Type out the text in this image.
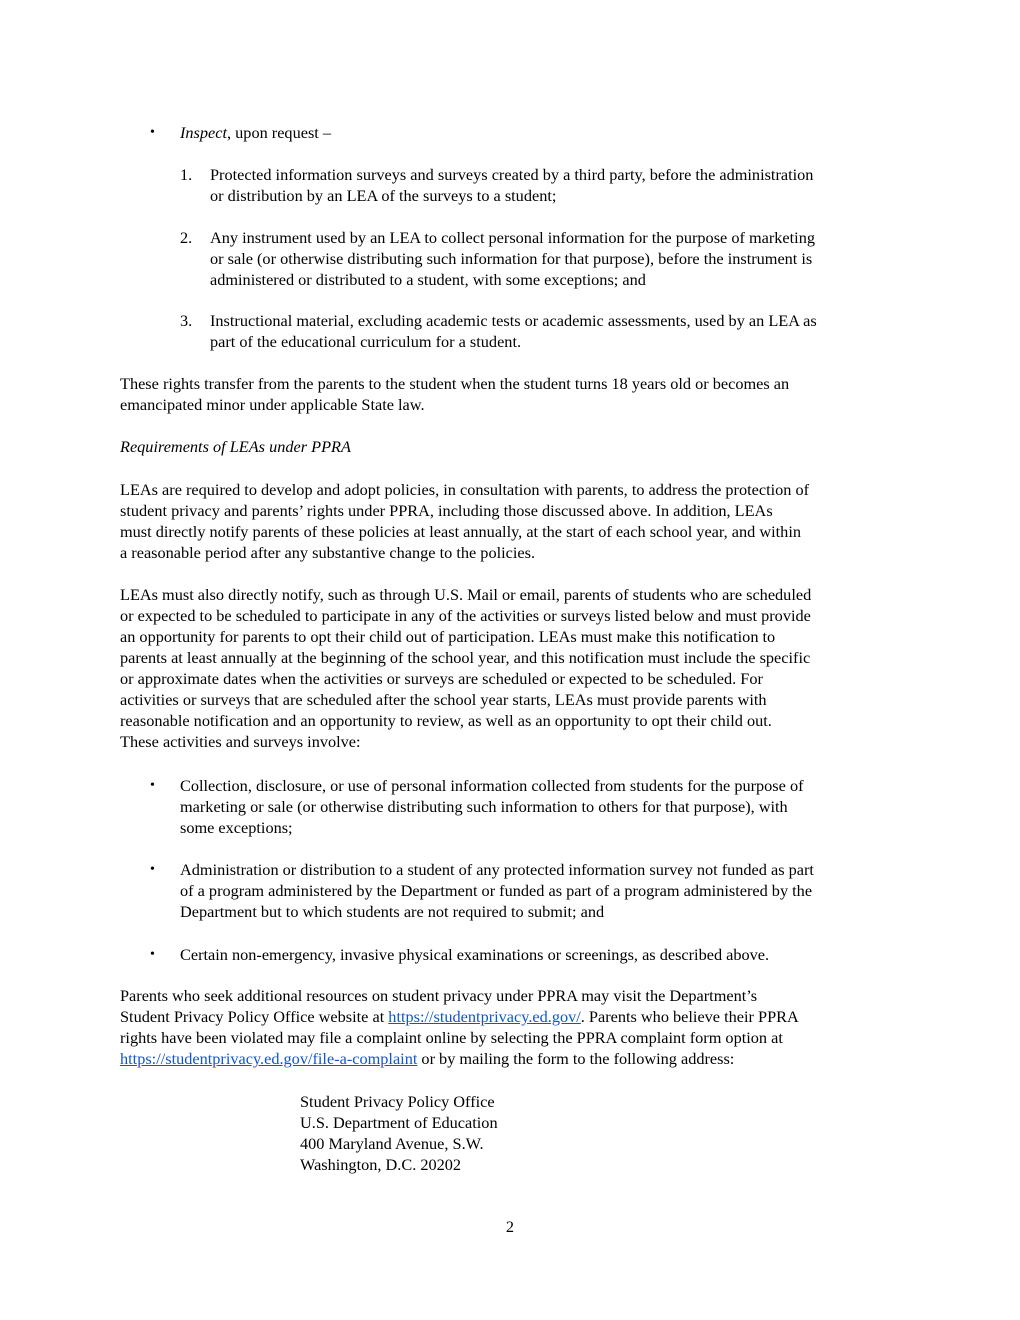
• Inspect, upon request –
1. Protected information surveys and surveys created by a third party, before the administration
or distribution by an LEA of the surveys to a student;
2. Any instrument used by an LEA to collect personal information for the purpose of marketing
or sale (or otherwise distributing such information for that purpose), before the instrument is
administered or distributed to a student, with some exceptions; and
3. Instructional material, excluding academic tests or academic assessments, used by an LEA as
part of the educational curriculum for a student.
These rights transfer from the parents to the student when the student turns 18 years old or becomes an
emancipated minor under applicable State law.
Requirements of LEAs under PPRA
LEAs are required to develop and adopt policies, in consultation with parents, to address the protection of
student privacy and parents’ rights under PPRA, including those discussed above. In addition, LEAs
must directly notify parents of these policies at least annually, at the start of each school year, and within
a reasonable period after any substantive change to the policies.
LEAs must also directly notify, such as through U.S. Mail or email, parents of students who are scheduled
or expected to be scheduled to participate in any of the activities or surveys listed below and must provide
an opportunity for parents to opt their child out of participation. LEAs must make this notification to
parents at least annually at the beginning of the school year, and this notification must include the specific
or approximate dates when the activities or surveys are scheduled or expected to be scheduled. For
activities or surveys that are scheduled after the school year starts, LEAs must provide parents with
reasonable notification and an opportunity to review, as well as an opportunity to opt their child out.
These activities and surveys involve:
• Collection, disclosure, or use of personal information collected from students for the purpose of
marketing or sale (or otherwise distributing such information to others for that purpose), with
some exceptions;
• Administration or distribution to a student of any protected information survey not funded as part
of a program administered by the Department or funded as part of a program administered by the
Department but to which students are not required to submit; and
• Certain non-emergency, invasive physical examinations or screenings, as described above.
Parents who seek additional resources on student privacy under PPRA may visit the Department’s
Student Privacy Policy Office website at https://studentprivacy.ed.gov/. Parents who believe their PPRA
rights have been violated may file a complaint online by selecting the PPRA complaint form option at
https://studentprivacy.ed.gov/file-a-complaint or by mailing the form to the following address:
Student Privacy Policy Office
U.S. Department of Education
400 Maryland Avenue, S.W.
Washington, D.C. 20202
2
